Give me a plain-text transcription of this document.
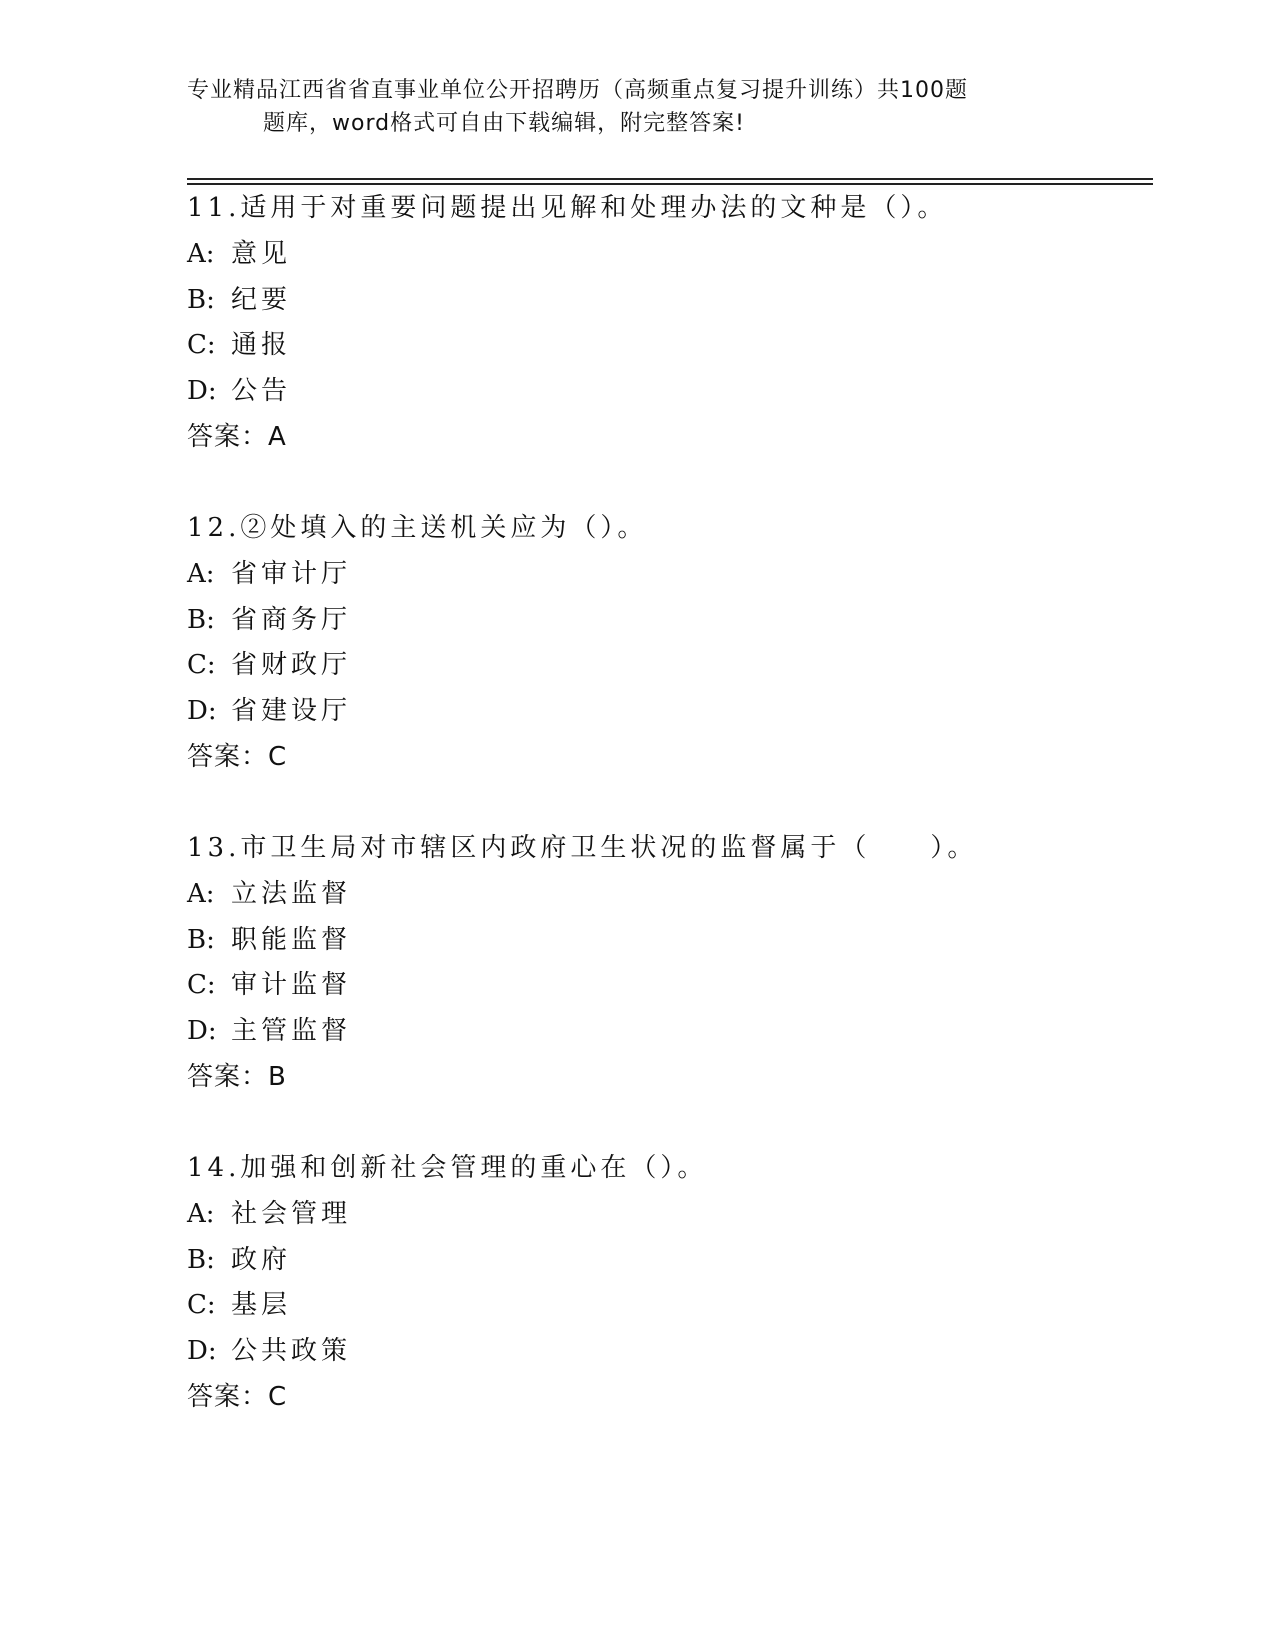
专业精品江西省省直事业单位公开招聘历（高频重点复习提升训练）共100题
题库，word格式可自由下载编辑，附完整答案!
11.适用于对重要问题提出见解和处理办法的文种是（）。
A: 意见
B: 纪要
C: 通报
D: 公告
答案：A
12.②处填入的主送机关应为（）。
A: 省审计厅
B: 省商务厅
C: 省财政厅
D: 省建设厅
答案：C
13.市卫生局对市辖区内政府卫生状况的监督属于（　　）。
A: 立法监督
B: 职能监督
C: 审计监督
D: 主管监督
答案：B
14.加强和创新社会管理的重心在（）。
A: 社会管理
B: 政府
C: 基层
D: 公共政策
答案：C
